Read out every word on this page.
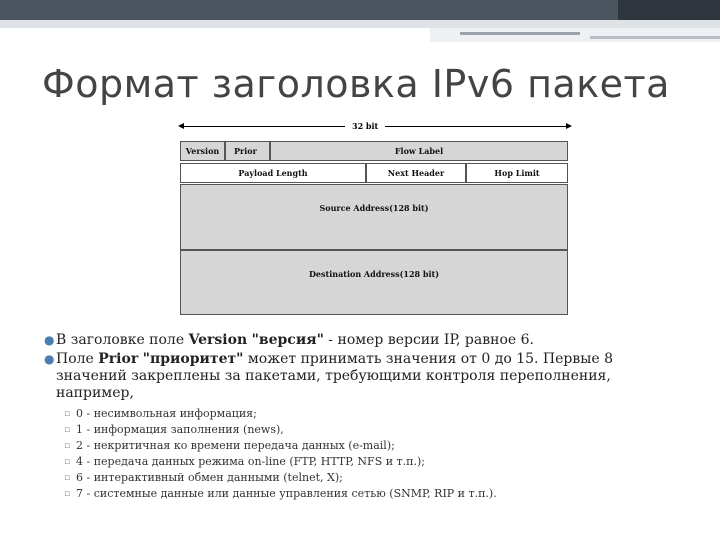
Формат заголовка IPv6 пакета
32 bit
Version	Prior	Flow Label
Payload Length	Next Header	Hop Limit
Source Address(128 bit)
Destination Address(128 bit)
● В заголовке поле Version "версия" - номер версии IP, равное 6.
● Поле Prior "приоритет" может принимать значения от 0 до 15. Первые 8
значений закреплены за пакетами, требующими контроля переполнения,
например,
▫ 0 - несимвольная информация;
▫ 1 - информация заполнения (news),
▫ 2 - некритичная ко времени передача данных (e-mail);
▫ 4 - передача данных режима on-line (FTP, HTTP, NFS и т.п.);
▫ 6 - интерактивный обмен данными (telnet, X);
▫ 7 - системные данные или данные управления сетью (SNMP, RIP и т.п.).
